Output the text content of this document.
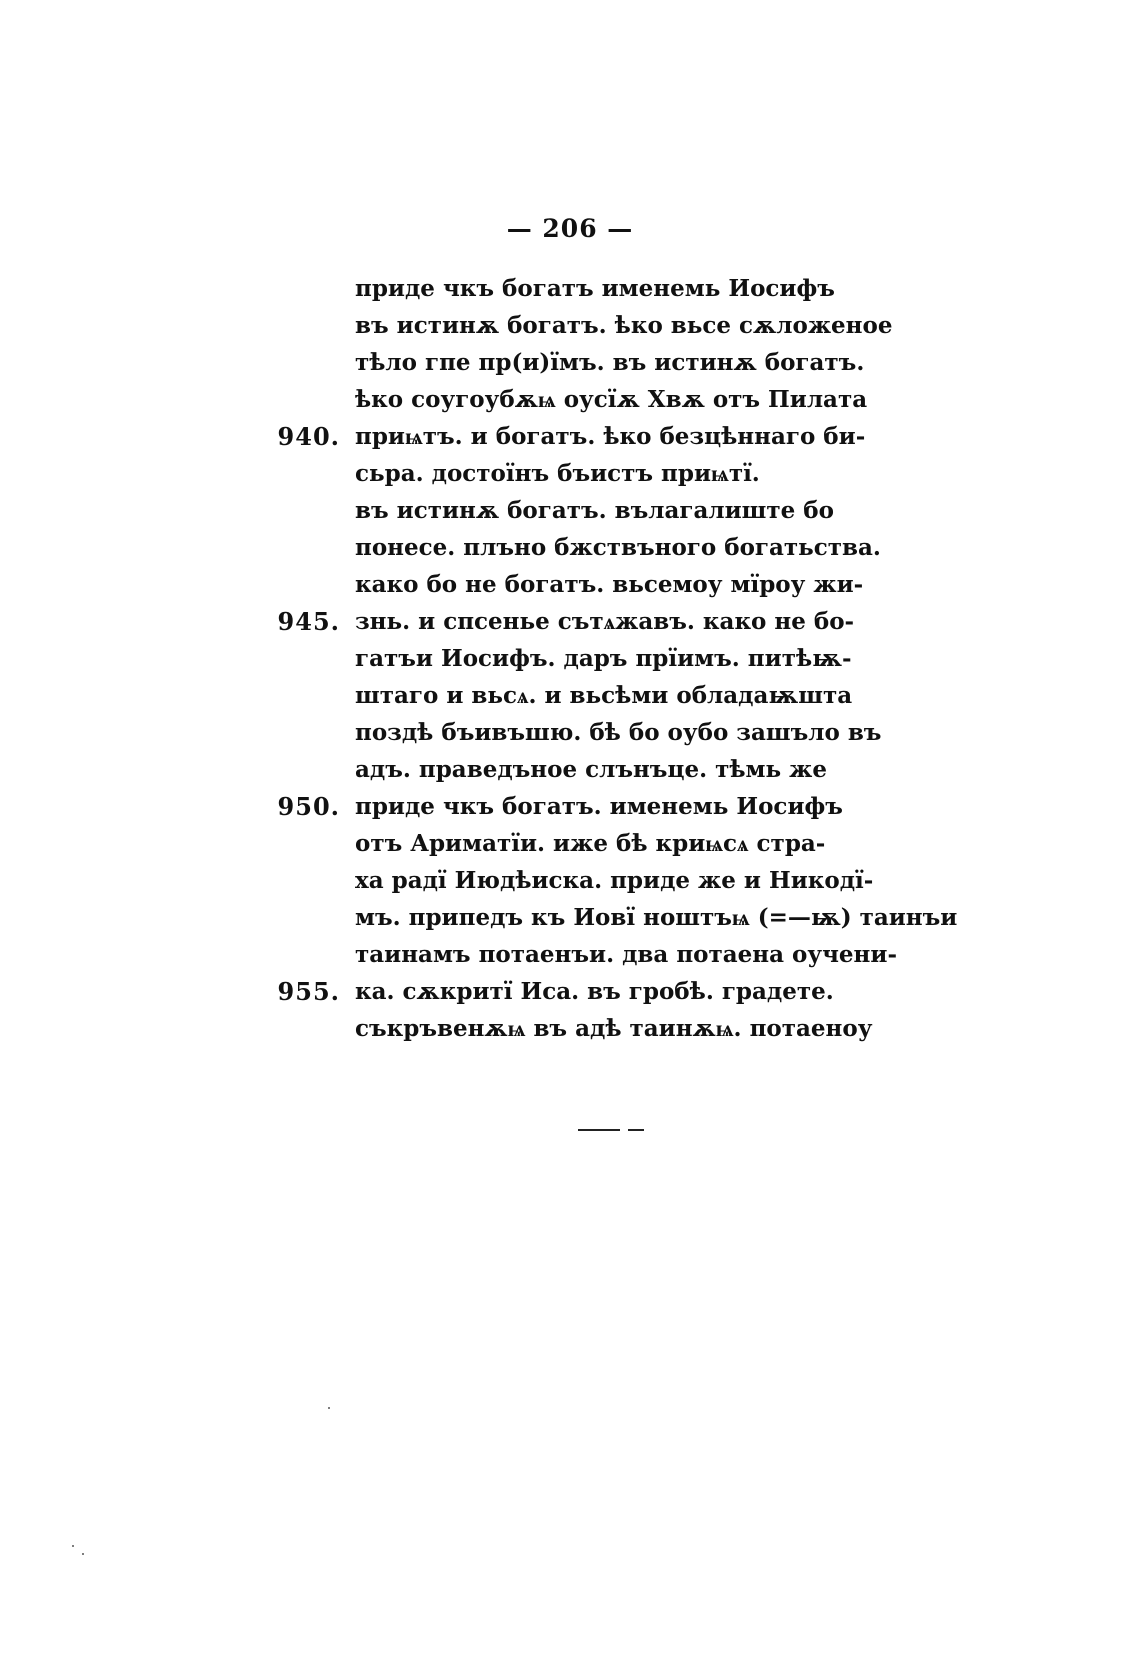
— 206 —
приде чкъ богатъ именемь Иосифъ
въ истинѫ богатъ. ѣко вьсе сѫложеное
тѣло гпе пр(и)їмъ. въ истинѫ богатъ.
ѣко соугоубѫѩ оусїѫ Хвѫ отъ Пилата
940. приѩтъ. и богатъ. ѣко безцѣннаго би-
сьра. достоїнъ бъистъ приѩтї.
въ истинѫ богатъ. вълагалиште бо
понесе. плъно бжствъного богатьства.
како бо не богатъ. вьсемоу мїроу жи-
945. знь. и спсенье сътѧжавъ. како не бо-
гатъи Иосифъ. даръ прїимъ. питѣѭ-
штаго и вьсѧ. и вьсѣми обладаѭшта
поздѣ бъивъшю. бѣ бо оубо зашъло въ
адъ. праведъное слънъце. тѣмь же
950. приде чкъ богатъ. именемь Иосифъ
отъ Ариматїи. иже бѣ криѩсѧ стра-
ха радї Июдѣиска. приде же и Никодї-
мъ. припедъ къ Иовї ноштъѩ (=—ѭ) таинъи
таинамъ потаенъи. два потаена оучени-
955. ка. сѫкритї Иса. въ гробѣ. градете.
съкръвенѫѩ въ адѣ таинѫѩ. потаеноу
